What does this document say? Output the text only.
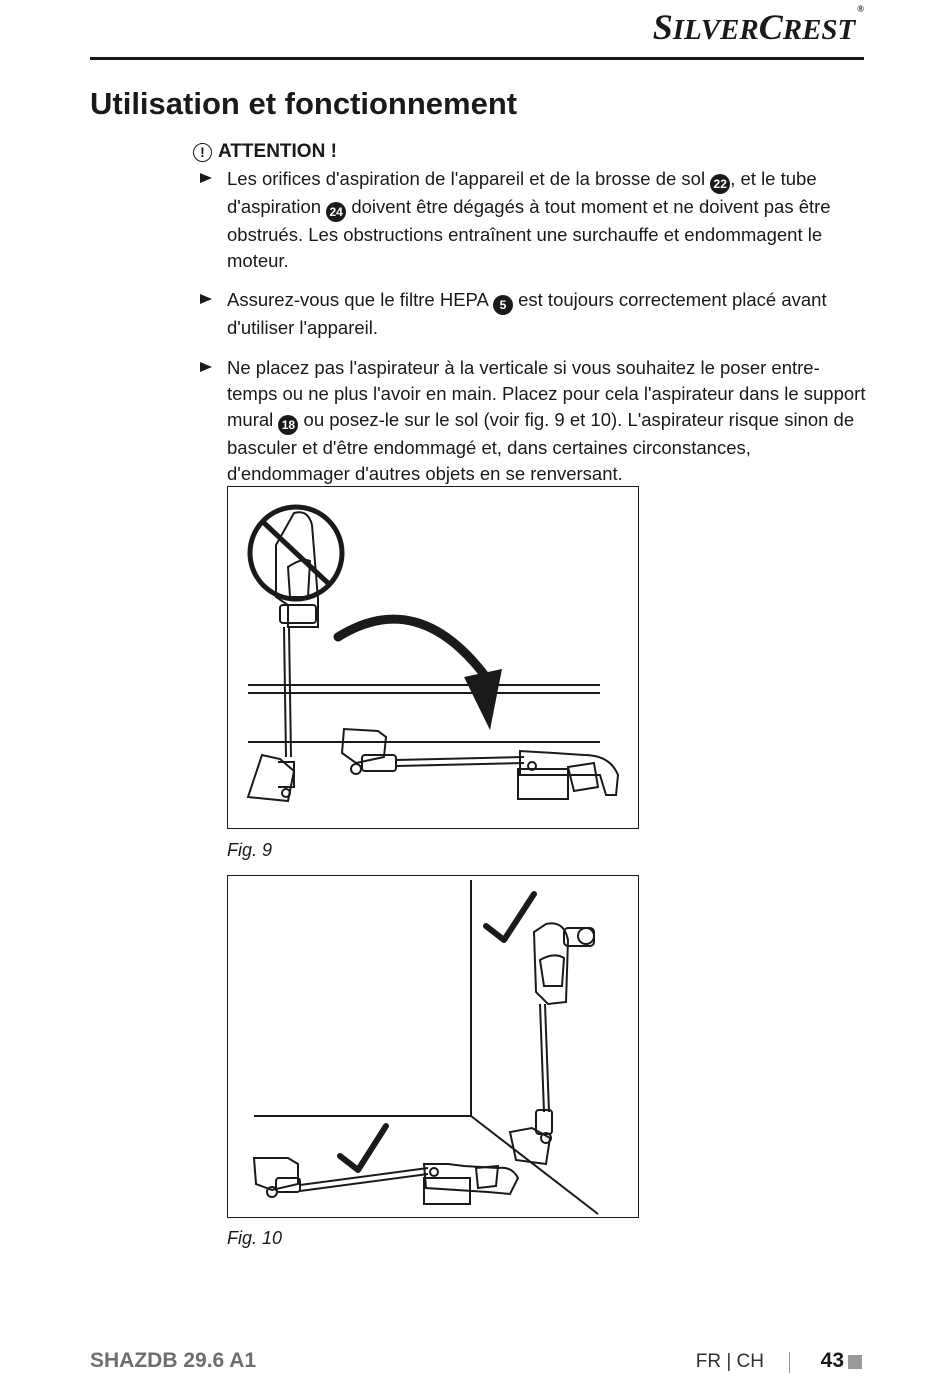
SILVERCREST®
Utilisation et fonctionnement
! ATTENTION !
Les orifices d'aspiration de l'appareil et de la brosse de sol 22 , et le tube d'aspiration 24 doivent être dégagés à tout moment et ne doivent pas être obstrués. Les obstructions entraînent une surchauffe et endommagent le moteur.
Assurez-vous que le filtre HEPA 5 est toujours correctement placé avant d'utiliser l'appareil.
Ne placez pas l'aspirateur à la verticale si vous souhaitez le poser entre-temps ou ne plus l'avoir en main. Placez pour cela l'aspirateur dans le support mural 18 ou posez-le sur le sol (voir fig. 9 et 10). L'aspirateur risque sinon de basculer et d'être endommagé et, dans certaines circonstances, d'endommager d'autres objets en se renversant.
Fig. 9
Fig. 10
SHAZDB 29.6 A1	FR | CH	43
